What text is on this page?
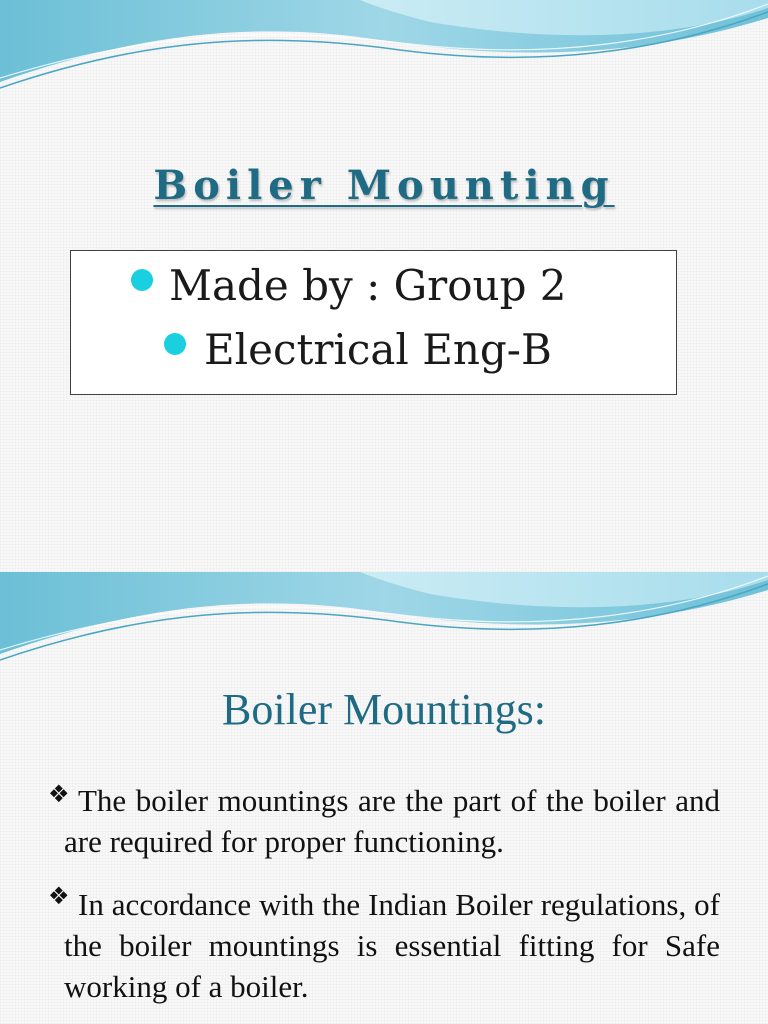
Boiler Mounting
Made by : Group 2
Electrical Eng-B
Boiler Mountings:
❖ The boiler mountings are the part of the boiler and are required for proper functioning.
❖ In accordance with the Indian Boiler regulations, of the boiler mountings is essential fitting for Safe working of a boiler.
